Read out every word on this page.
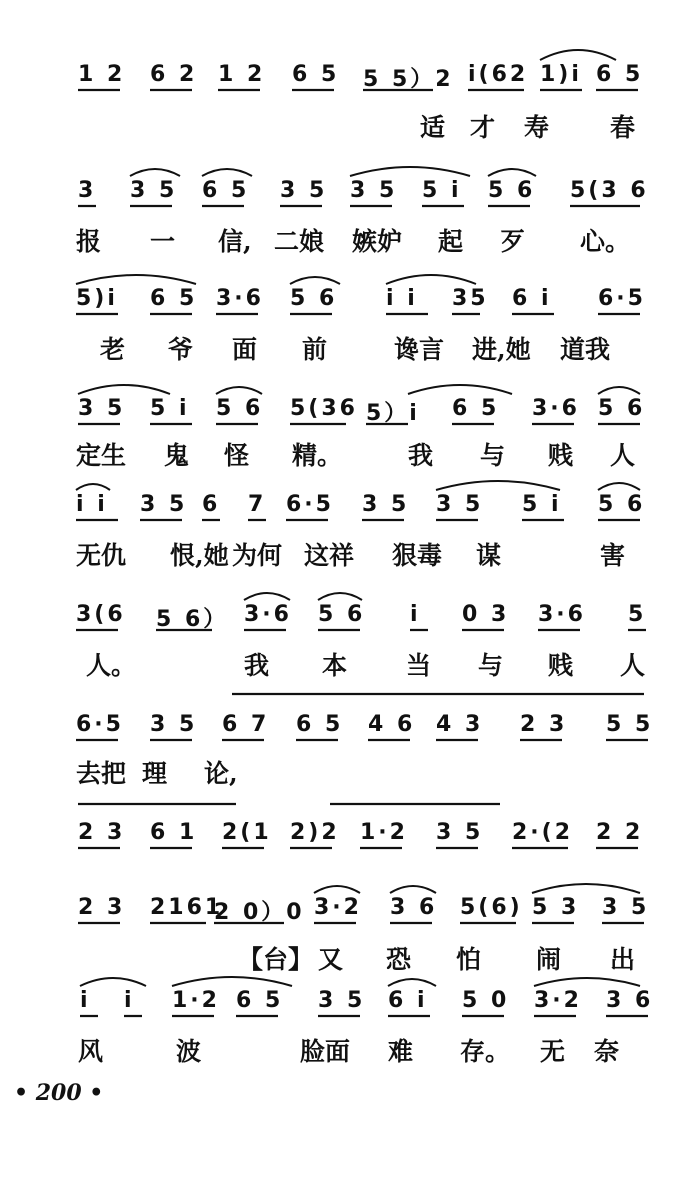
1 2 6 2 1 2 6 5 5 5）2 i(62 1)i 6 5
适 才 寿 春
3 3 5 6 5 3 5 3 5 5 i 5 6 5(3 6
报 一 信, 二娘 嫉妒 起 歹 心。
5)i 6 5 3·6 5 6 i i 35 6 i 6·5
老 爷 面 前	谗言 进,她 道我
3 5 5 i 5 6 5(36 5）i 6 5 3·6 5 6
定生 鬼 怪 精。	我 与 贱 人
i i 3 5 6 7 6·5 3 5 3 5 5 i 5 6
无仇 恨,她 为何 这祥 狠毒 谋	害
3(6 5 6） 3·6 5 6 i 0 3 3·6 5
人。	我 本 当 与 贱 人
6·5 3 5 6 7 6 5 4 6 4 3 2 3 5 5
去把 理 论,
2 3 6 1 2(1 2)2 1·2 3 5 2·(2 2 2
2 3 2161
2 0）0 3·2 3 6 5(6) 5 3 3 5
【台】 又 恐 怕 闹 出
i i 1·2 6 5 3 5 6 i 5 0 3·2 3 6
风	波	脸面 难 存。 无 奈
• 200 •
